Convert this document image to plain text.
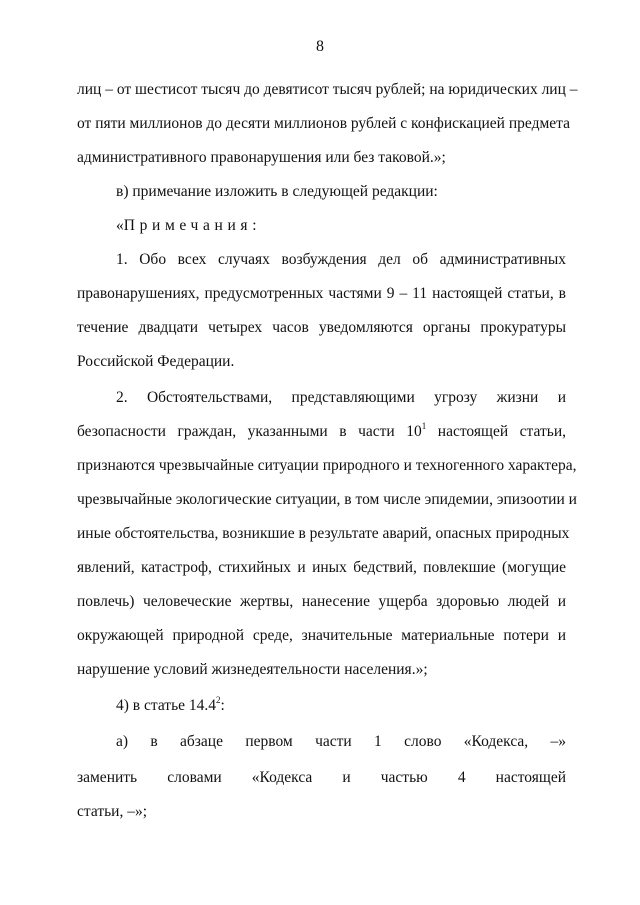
8
лиц – от шестисот тысяч до девятисот тысяч рублей; на юридических лиц –
от пяти миллионов до десяти миллионов рублей с конфискацией предмета
административного правонарушения или без таковой.»;
в) примечание изложить в следующей редакции:
«Примечания:
1. Обо всех случаях возбуждения дел об административных
правонарушениях, предусмотренных частями 9 – 11 настоящей статьи, в
течение двадцати четырех часов уведомляются органы прокуратуры
Российской Федерации.
2. Обстоятельствами, представляющими угрозу жизни и
безопасности граждан, указанными в части $10^1$ настоящей статьи,
признаются чрезвычайные ситуации природного и техногенного характера,
чрезвычайные экологические ситуации, в том числе эпидемии, эпизоотии и
иные обстоятельства, возникшие в результате аварий, опасных природных
явлений, катастроф, стихийных и иных бедствий, повлекшие (могущие
повлечь) человеческие жертвы, нанесение ущерба здоровью людей и
окружающей природной среде, значительные материальные потери и
нарушение условий жизнедеятельности населения.»;
4) в статье 14.4$^2$:
а) в абзаце первом части 1 слово «Кодекса, –»
заменить словами «Кодекса и частью 4 настоящей
статьи, –»;
